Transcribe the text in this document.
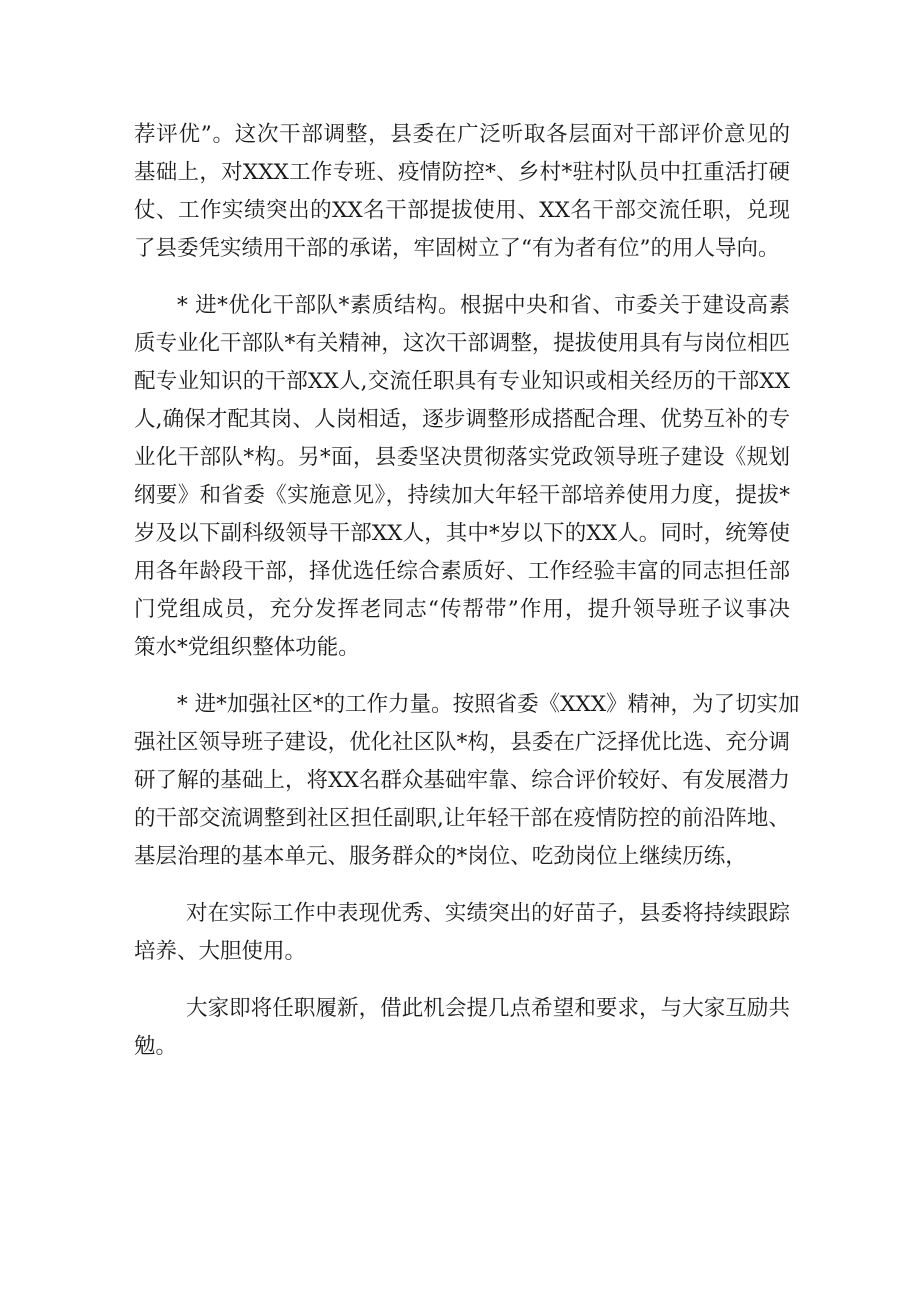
荐评优”。这次干部调整，县委在广泛听取各层面对干部评价意见的
基础上，对XXX工作专班、疫情防控*、乡村*驻村队员中扛重活打硬
仗、工作实绩突出的XX名干部提拔使用、XX名干部交流任职，兑现
了县委凭实绩用干部的承诺，牢固树立了“有为者有位”的用人导向。
* 进*优化干部队*素质结构。根据中央和省、市委关于建设高素
质专业化干部队*有关精神，这次干部调整，提拔使用具有与岗位相匹
配专业知识的干部XX人,交流任职具有专业知识或相关经历的干部XX
人,确保才配其岗、人岗相适，逐步调整形成搭配合理、优势互补的专
业化干部队*构。另*面，县委坚决贯彻落实党政领导班子建设《规划
纲要》和省委《实施意见》，持续加大年轻干部培养使用力度，提拔*
岁及以下副科级领导干部XX人，其中*岁以下的XX人。同时，统筹使
用各年龄段干部，择优选任综合素质好、工作经验丰富的同志担任部
门党组成员，充分发挥老同志“传帮带”作用，提升领导班子议事决
策水*党组织整体功能。
* 进*加强社区*的工作力量。按照省委《XXX》精神，为了切实加
强社区领导班子建设，优化社区队*构，县委在广泛择优比选、充分调
研了解的基础上，将XX名群众基础牢靠、综合评价较好、有发展潜力
的干部交流调整到社区担任副职,让年轻干部在疫情防控的前沿阵地、
基层治理的基本单元、服务群众的*岗位、吃劲岗位上继续历练，
对在实际工作中表现优秀、实绩突出的好苗子，县委将持续跟踪
培养、大胆使用。
大家即将任职履新，借此机会提几点希望和要求，与大家互励共
勉。
